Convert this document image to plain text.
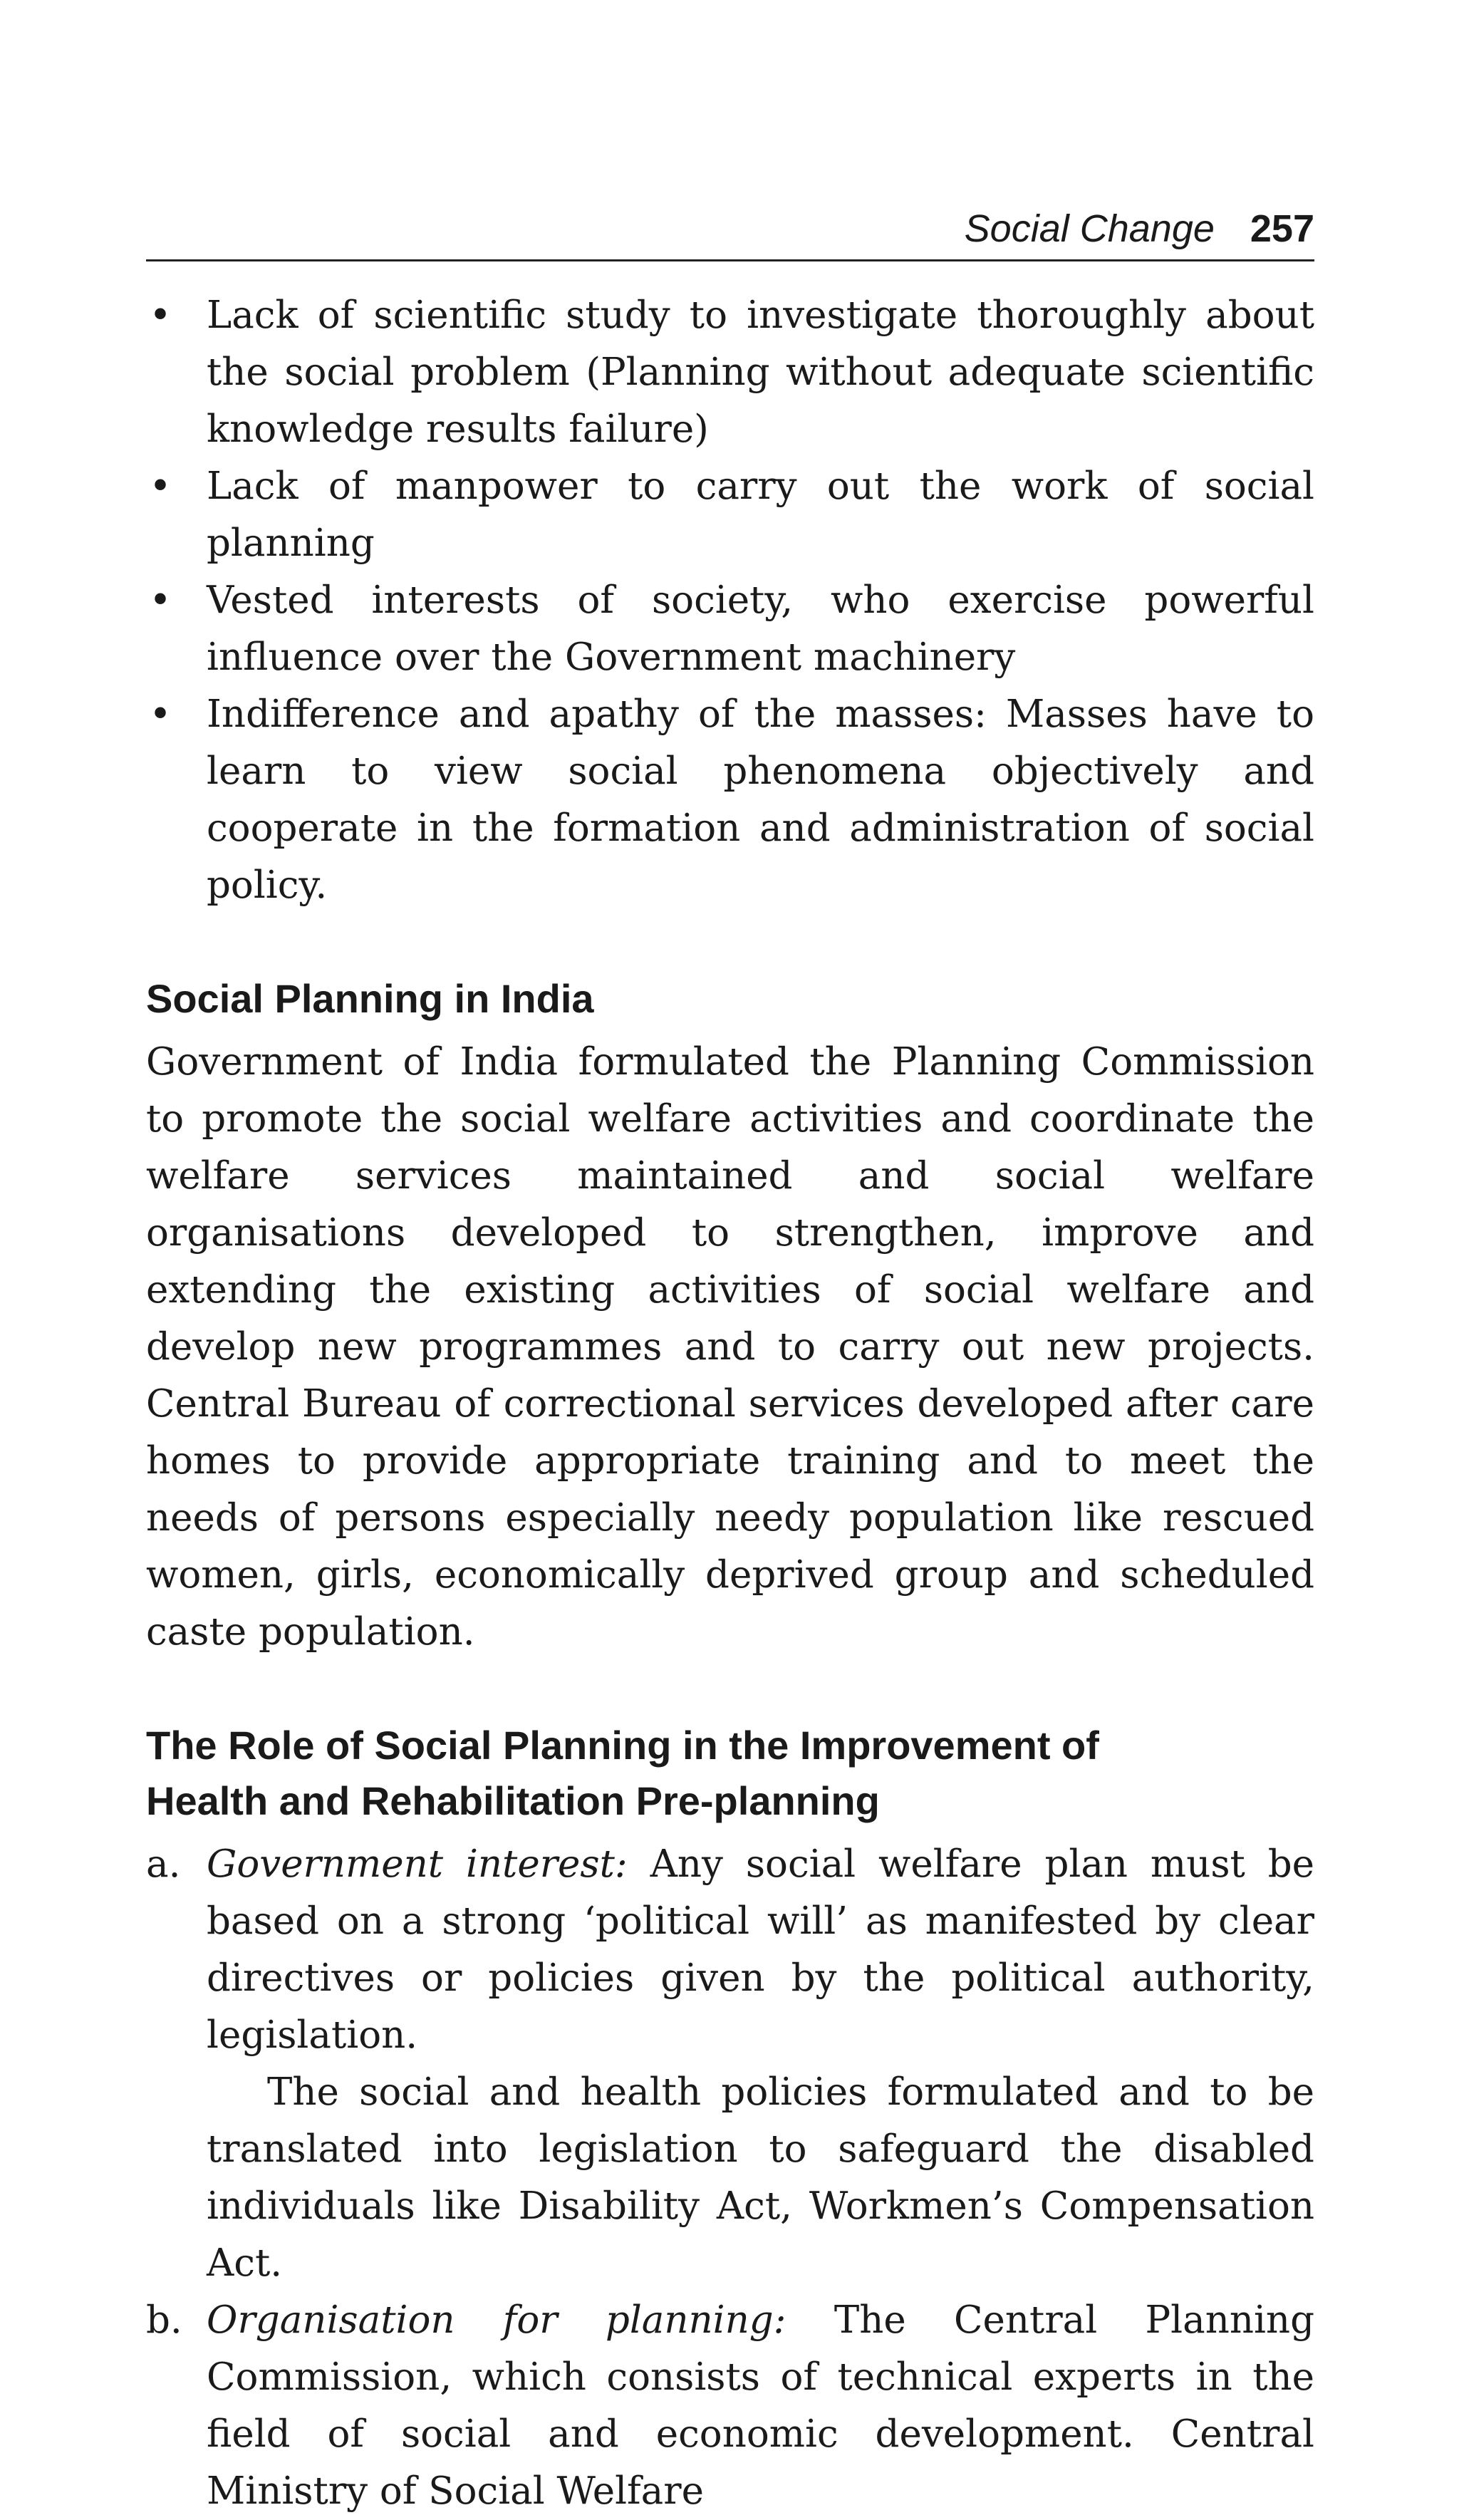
Social Change 257
• Lack of scientific study to investigate thoroughly about the social problem (Planning without adequate scientific knowledge results failure)
• Lack of manpower to carry out the work of social planning
• Vested interests of society, who exercise powerful influence over the Government machinery
• Indifference and apathy of the masses: Masses have to learn to view social phenomena objectively and cooperate in the formation and administration of social policy.
Social Planning in India

Government of India formulated the Planning Commission to promote the social welfare activities and coordinate the welfare services maintained and social welfare organisations developed to strengthen, improve and extending the existing activities of social welfare and develop new programmes and to carry out new projects. Central Bureau of correctional services developed after care homes to provide appropriate training and to meet the needs of persons especially needy population like rescued women, girls, economically deprived group and scheduled caste population.

The Role of Social Planning in the Improvement of
Health and Rehabilitation Pre-planning
a. Government interest: Any social welfare plan must be based on a strong ‘political will’ as manifested by clear directives or policies given by the political authority, legislation.
The social and health policies formulated and to be translated into legislation to safeguard the disabled individuals like Disability Act, Workmen’s Compensation Act.
b. Organisation for planning: The Central Planning Commission, which consists of technical experts in the field of social and economic development. Central Ministry of Social Welfare
